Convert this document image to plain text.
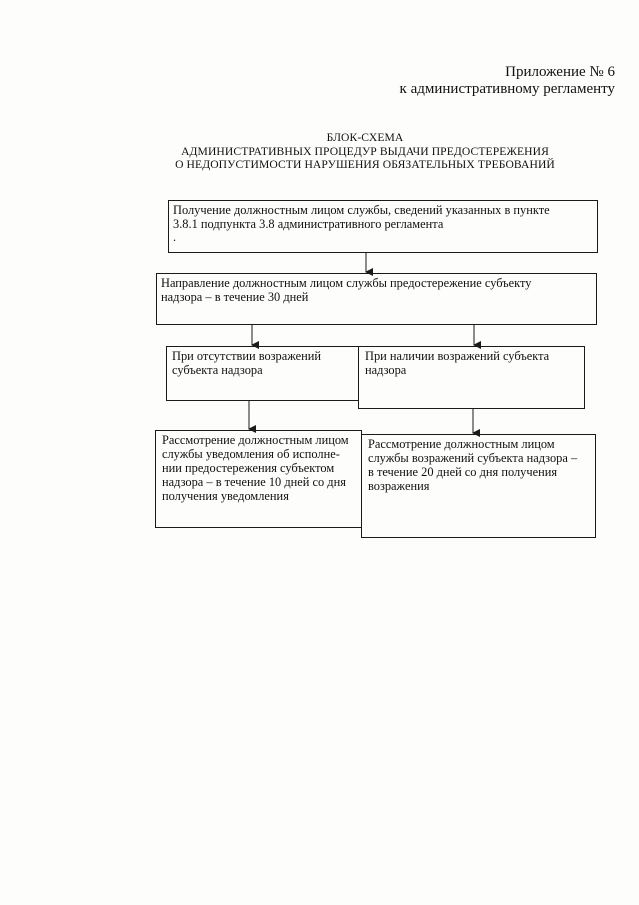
Приложение № 6
к административному регламенту
БЛОК-СХЕМА
АДМИНИСТРАТИВНЫХ ПРОЦЕДУР ВЫДАЧИ ПРЕДОСТЕРЕЖЕНИЯ
О НЕДОПУСТИМОСТИ НАРУШЕНИЯ ОБЯЗАТЕЛЬНЫХ ТРЕБОВАНИЙ
Получение должностным лицом службы, сведений указанных в пункте
3.8.1 подпункта 3.8 административного регламента
.
Направление должностным лицом службы предостережение субъекту
надзора – в течение 30 дней
При отсутствии возражений
субъекта надзора
При наличии возражений субъекта
надзора
Рассмотрение должностным лицом
службы уведомления об исполне-
нии предостережения субъектом
надзора – в течение 10 дней со дня
получения уведомления
Рассмотрение должностным лицом
службы возражений субъекта надзора –
в течение 20 дней со дня получения
возражения
